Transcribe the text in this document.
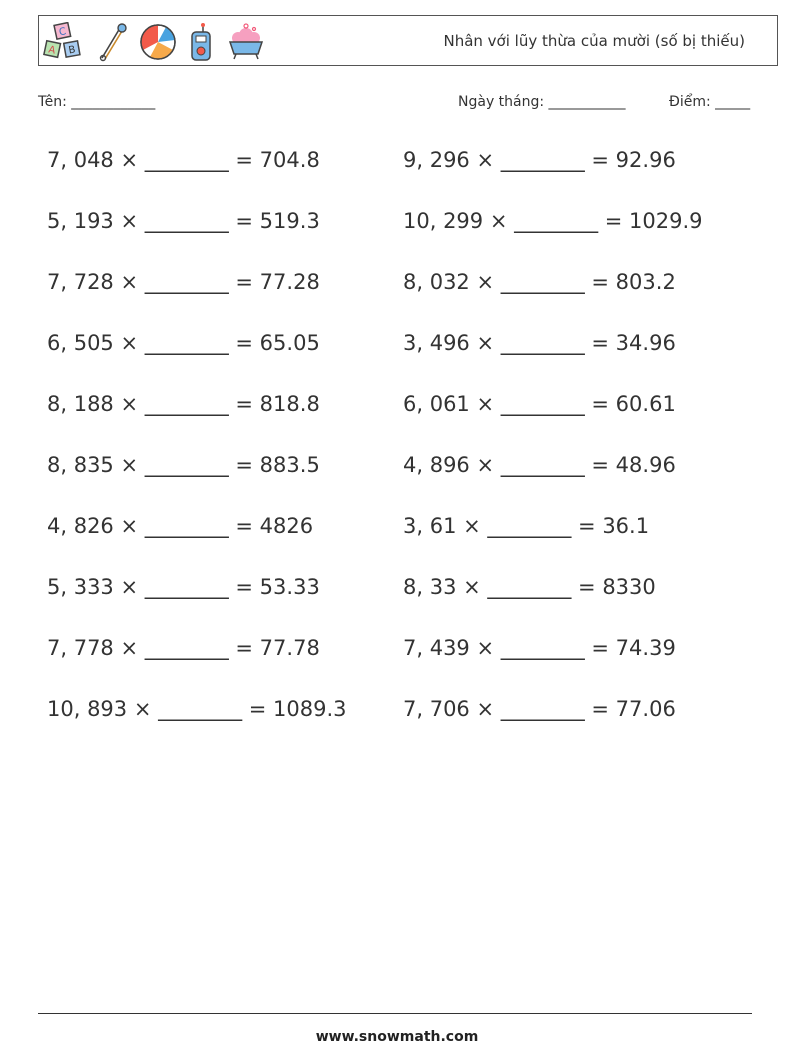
C
A B
Nhân với lũy thừa của mười (số bị thiếu)
Tên: ____________	Ngày tháng: ___________	Điểm: _____
7, 048 × ________ = 704.8
5, 193 × ________ = 519.3
7, 728 × ________ = 77.28
6, 505 × ________ = 65.05
8, 188 × ________ = 818.8
8, 835 × ________ = 883.5
4, 826 × ________ = 4826
5, 333 × ________ = 53.33
7, 778 × ________ = 77.78
10, 893 × ________ = 1089.3
9, 296 × ________ = 92.96
10, 299 × ________ = 1029.9
8, 032 × ________ = 803.2
3, 496 × ________ = 34.96
6, 061 × ________ = 60.61
4, 896 × ________ = 48.96
3, 61 × ________ = 36.1
8, 33 × ________ = 8330
7, 439 × ________ = 74.39
7, 706 × ________ = 77.06
www.snowmath.com
